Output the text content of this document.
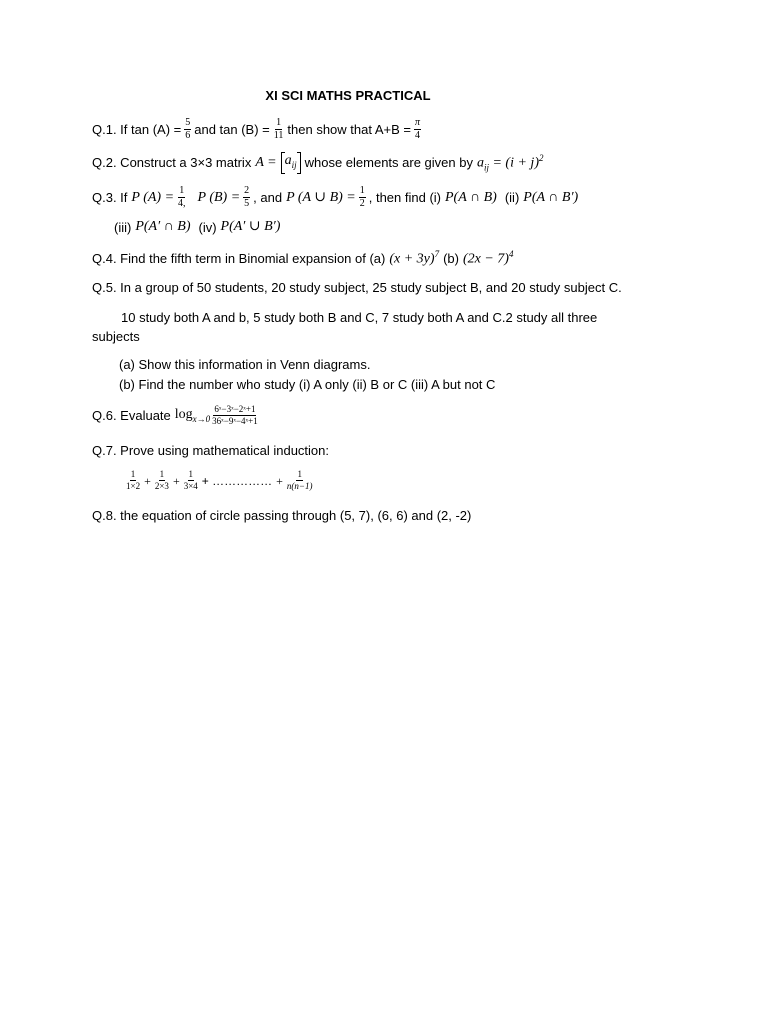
XI SCI MATHS PRACTICAL
Q.1. If $\tan (A) = \frac{5}{6}$ and $\tan (B) = \frac{1}{11}$ then show that $A+B = \frac{\pi}{4}$
Q.2. Construct a 3×3 matrix $A = a_{ij}$ whose elements are given by $a_{ij} = (i + j)^2$
Q.3. If P $(A) = \frac{1}{4,}$ P $(B) = \frac{2}{5}$ , and P (A ∪ $B) = \frac{1}{2}$ , then find (i) P(A ∩ B) (ii) P(A ∩ B′)
(iii) P(A′ ∩ B) (iv) P(A′ ∪ B′)
Q.4. Find the fifth term in Binomial expansion of (a) $(x + 3y)^7$ (b) $(2x - 7)^4$
Q.5. In a group of 50 students, 20 study subject, 25 study subject B, and 20 study subject C.
10 study both A and b, 5 study both B and C, 7 study both A and C.2 study all three
subjects
(a) Show this information in Venn diagrams.
(b) Find the number who study (i) A only (ii) B or C (iii) A but not C
Q.6. Evaluate $\log_{x\to 0} \frac{\text{6ˣ−3ˣ−2ˣ+1}}{\text{36ˣ−9ˣ−4ˣ+1}}$
Q.7. Prove using mathematical induction:
$\frac{1}{1\times 2} + \frac{1}{2\times 3} + \frac{1}{3\times 4}$ + …………… + $\frac{1}{n(n-1)}$
Q.8. the equation of circle passing through (5, 7), (6, 6) and (2, -2)
